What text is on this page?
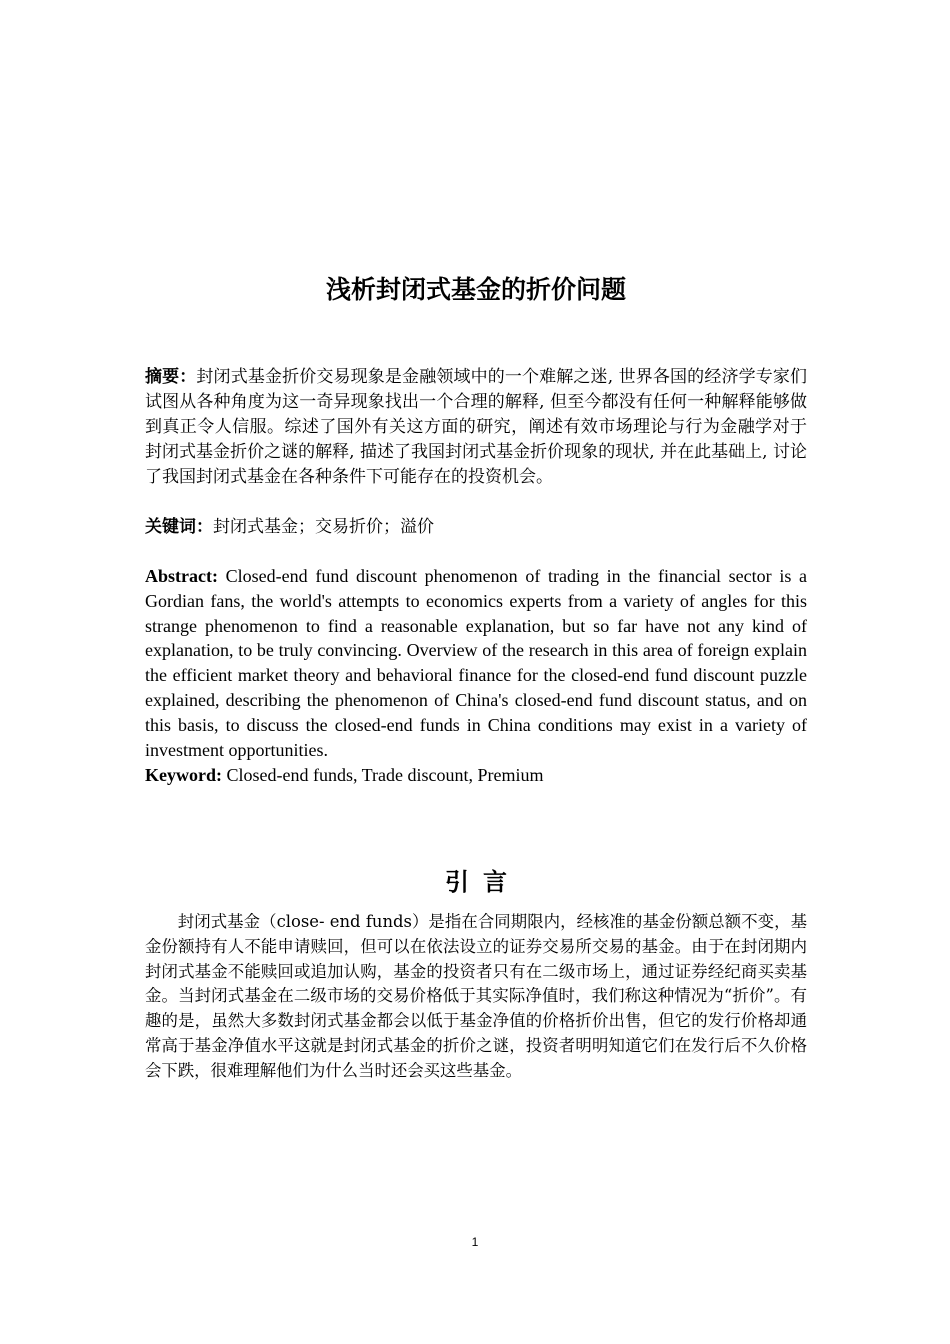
浅析封闭式基金的折价问题

摘要：封闭式基金折价交易现象是金融领域中的一个难解之迷, 世界各国的经济学专家们试图从各种角度为这一奇异现象找出一个合理的解释, 但至今都没有任何一种解释能够做到真正令人信服。综述了国外有关这方面的研究，阐述有效市场理论与行为金融学对于封闭式基金折价之谜的解释, 描述了我国封闭式基金折价现象的现状, 并在此基础上, 讨论了我国封闭式基金在各种条件下可能存在的投资机会。

关键词：封闭式基金；交易折价；溢价

Abstract: Closed-end fund discount phenomenon of trading in the financial sector is a Gordian fans, the world's attempts to economics experts from a variety of angles for this strange phenomenon to find a reasonable explanation, but so far have not any kind of explanation, to be truly convincing. Overview of the research in this area of foreign explain the efficient market theory and behavioral finance for the closed-end fund discount puzzle explained, describing the phenomenon of China's closed-end fund discount status, and on this basis, to discuss the closed-end funds in China conditions may exist in a variety of investment opportunities.

Keyword: Closed-end funds, Trade discount, Premium

引言

封闭式基金（close- end funds）是指在合同期限内，经核准的基金份额总额不变，基金份额持有人不能申请赎回，但可以在依法设立的证券交易所交易的基金。由于在封闭期内封闭式基金不能赎回或追加认购，基金的投资者只有在二级市场上，通过证券经纪商买卖基金。当封闭式基金在二级市场的交易价格低于其实际净值时，我们称这种情况为“折价”。有趣的是，虽然大多数封闭式基金都会以低于基金净值的价格折价出售，但它的发行价格却通常高于基金净值水平这就是封闭式基金的折价之谜，投资者明明知道它们在发行后不久价格会下跌，很难理解他们为什么当时还会买这些基金。

1
